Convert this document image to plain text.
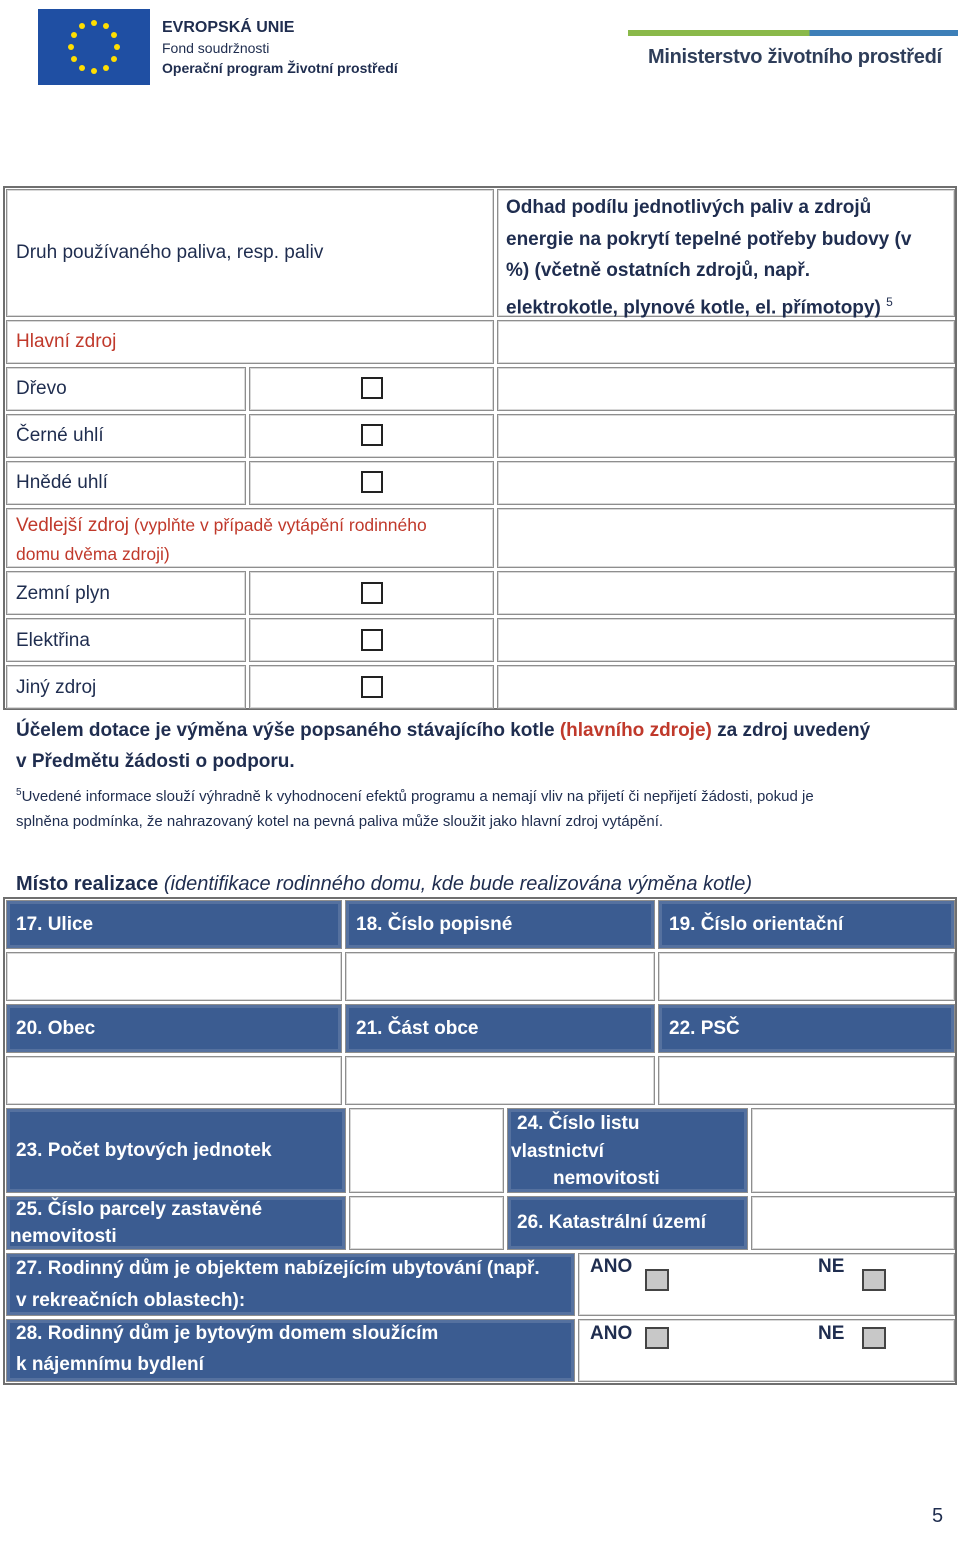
EVROPSKÁ UNIE
Fond soudržnosti
Operační program Životní prostředí	Ministerstvo životního prostředí
Druh používaného paliva, resp. paliv
Odhad podílu jednotlivých paliv a zdrojů
energie na pokrytí tepelné potřeby budovy (v
%) (včetně ostatních zdrojů, např.
elektrokotle, plynové kotle, el. přímotopy) $^5$
Hlavní zdroj
Dřevo
Černé uhlí
Hnědé uhlí
Vedlejší zdroj (vyplňte v případě vytápění rodinného
domu dvěma zdroji)
Zemní plyn
Elektřina
Jiný zdroj
Účelem dotace je výměna výše popsaného stávajícího kotle (hlavního zdroje) za zdroj uvedený
v Předmětu žádosti o podporu.
$^5$Uvedené informace slouží výhradně k vyhodnocení efektů programu a nemají vliv na přijetí či nepřijetí žádosti, pokud je
splněna podmínka, že nahrazovaný kotel na pevná paliva může sloužit jako hlavní zdroj vytápění.
Místo realizace (identifikace rodinného domu, kde bude realizována výměna kotle)
17. Ulice	18. Číslo popisné	19. Číslo orientační
20. Obec	21. Část obce	22. PSČ
23. Počet bytových jednotek
24. Číslo listu
vlastnictví
nemovitosti
25. Číslo parcely zastavěné
nemovitosti
26. Katastrální území
27. Rodinný dům je objektem nabízejícím ubytování (např.
v rekreačních oblastech):
ANO	NE
28. Rodinný dům je bytovým domem sloužícím
k nájemnímu bydlení
ANO	NE
5
